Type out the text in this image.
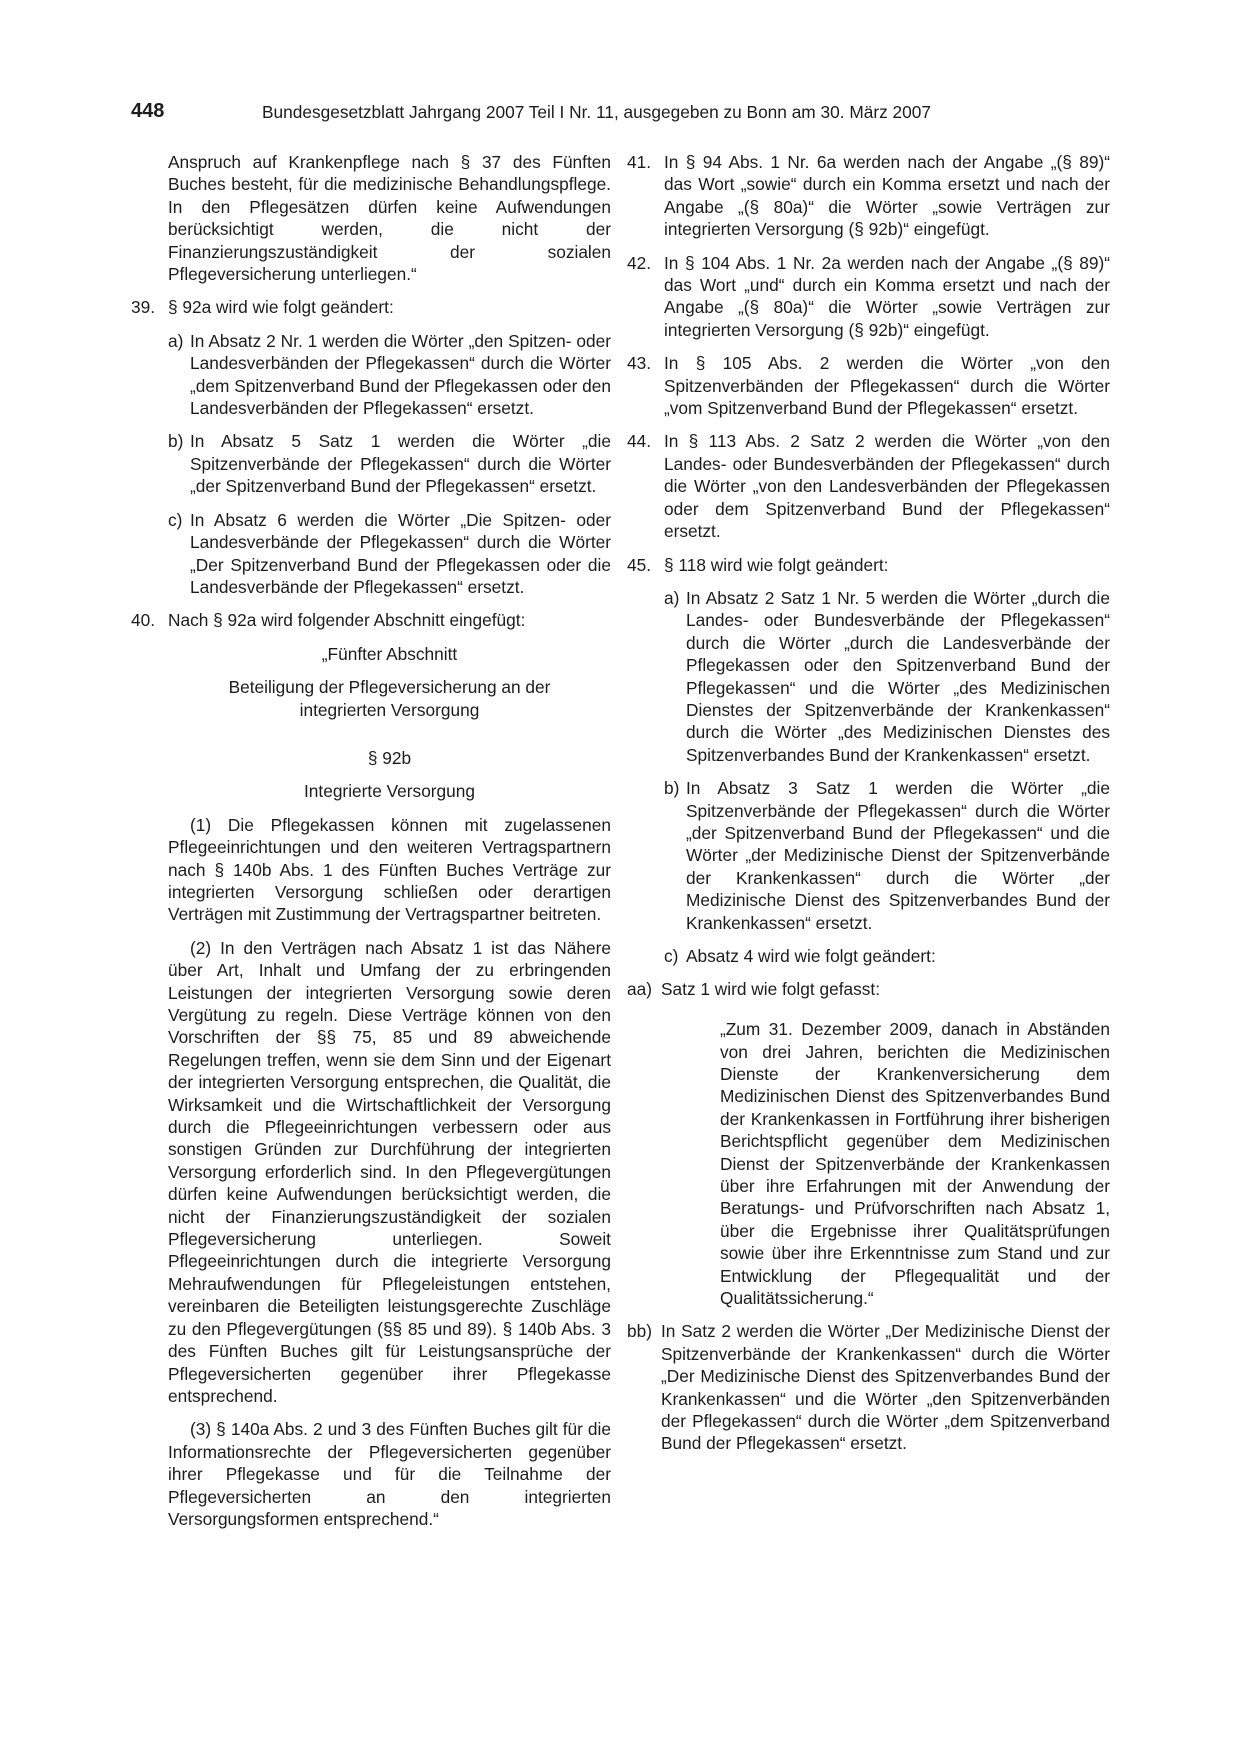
448	Bundesgesetzblatt Jahrgang 2007 Teil I Nr. 11, ausgegeben zu Bonn am 30. März 2007

Anspruch auf Krankenpflege nach § 37 des Fünften Buches besteht, für die medizinische Behandlungspflege. In den Pflegesätzen dürfen keine Aufwendungen berücksichtigt werden, die nicht der Finanzierungszuständigkeit der sozialen Pflegeversicherung unterliegen.“

39. § 92a wird wie folgt geändert:
a) In Absatz 2 Nr. 1 werden die Wörter „den Spitzen- oder Landesverbänden der Pflegekassen“ durch die Wörter „dem Spitzenverband Bund der Pflegekassen oder den Landesverbänden der Pflegekassen“ ersetzt.
b) In Absatz 5 Satz 1 werden die Wörter „die Spitzenverbände der Pflegekassen“ durch die Wörter „der Spitzenverband Bund der Pflegekassen“ ersetzt.
c) In Absatz 6 werden die Wörter „Die Spitzen- oder Landesverbände der Pflegekassen“ durch die Wörter „Der Spitzenverband Bund der Pflegekassen oder die Landesverbände der Pflegekassen“ ersetzt.
40. Nach § 92a wird folgender Abschnitt eingefügt:

„Fünfter Abschnitt

Beteiligung der Pflegeversicherung an der integrierten Versorgung

§ 92b

Integrierte Versorgung

(1) Die Pflegekassen können mit zugelassenen Pflegeeinrichtungen und den weiteren Vertragspartnern nach § 140b Abs. 1 des Fünften Buches Verträge zur integrierten Versorgung schließen oder derartigen Verträgen mit Zustimmung der Vertragspartner beitreten.

(2) In den Verträgen nach Absatz 1 ist das Nähere über Art, Inhalt und Umfang der zu erbringenden Leistungen der integrierten Versorgung sowie deren Vergütung zu regeln. Diese Verträge können von den Vorschriften der §§ 75, 85 und 89 abweichende Regelungen treffen, wenn sie dem Sinn und der Eigenart der integrierten Versorgung entsprechen, die Qualität, die Wirksamkeit und die Wirtschaftlichkeit der Versorgung durch die Pflegeeinrichtungen verbessern oder aus sonstigen Gründen zur Durchführung der integrierten Versorgung erforderlich sind. In den Pflegevergütungen dürfen keine Aufwendungen berücksichtigt werden, die nicht der Finanzierungszuständigkeit der sozialen Pflegeversicherung unterliegen. Soweit Pflegeeinrichtungen durch die integrierte Versorgung Mehraufwendungen für Pflegeleistungen entstehen, vereinbaren die Beteiligten leistungsgerechte Zuschläge zu den Pflegevergütungen (§§ 85 und 89). § 140b Abs. 3 des Fünften Buches gilt für Leistungsansprüche der Pflegeversicherten gegenüber ihrer Pflegekasse entsprechend.

(3) § 140a Abs. 2 und 3 des Fünften Buches gilt für die Informationsrechte der Pflegeversicherten gegenüber ihrer Pflegekasse und für die Teilnahme der Pflegeversicherten an den integrierten Versorgungsformen entsprechend.“

41. In § 94 Abs. 1 Nr. 6a werden nach der Angabe „(§ 89)“ das Wort „sowie“ durch ein Komma ersetzt und nach der Angabe „(§ 80a)“ die Wörter „sowie Verträgen zur integrierten Versorgung (§ 92b)“ eingefügt.
42. In § 104 Abs. 1 Nr. 2a werden nach der Angabe „(§ 89)“ das Wort „und“ durch ein Komma ersetzt und nach der Angabe „(§ 80a)“ die Wörter „sowie Verträgen zur integrierten Versorgung (§ 92b)“ eingefügt.
43. In § 105 Abs. 2 werden die Wörter „von den Spitzenverbänden der Pflegekassen“ durch die Wörter „vom Spitzenverband Bund der Pflegekassen“ ersetzt.
44. In § 113 Abs. 2 Satz 2 werden die Wörter „von den Landes- oder Bundesverbänden der Pflegekassen“ durch die Wörter „von den Landesverbänden der Pflegekassen oder dem Spitzenverband Bund der Pflegekassen“ ersetzt.
45. § 118 wird wie folgt geändert:
a) In Absatz 2 Satz 1 Nr. 5 werden die Wörter „durch die Landes- oder Bundesverbände der Pflegekassen“ durch die Wörter „durch die Landesverbände der Pflegekassen oder den Spitzenverband Bund der Pflegekassen“ und die Wörter „des Medizinischen Dienstes der Spitzenverbände der Krankenkassen“ durch die Wörter „des Medizinischen Dienstes des Spitzenverbandes Bund der Krankenkassen“ ersetzt.
b) In Absatz 3 Satz 1 werden die Wörter „die Spitzenverbände der Pflegekassen“ durch die Wörter „der Spitzenverband Bund der Pflegekassen“ und die Wörter „der Medizinische Dienst der Spitzenverbände der Krankenkassen“ durch die Wörter „der Medizinische Dienst des Spitzenverbandes Bund der Krankenkassen“ ersetzt.
c) Absatz 4 wird wie folgt geändert:
aa) Satz 1 wird wie folgt gefasst:

„Zum 31. Dezember 2009, danach in Abständen von drei Jahren, berichten die Medizinischen Dienste der Krankenversicherung dem Medizinischen Dienst des Spitzenverbandes Bund der Krankenkassen in Fortführung ihrer bisherigen Berichtspflicht gegenüber dem Medizinischen Dienst der Spitzenverbände der Krankenkassen über ihre Erfahrungen mit der Anwendung der Beratungs- und Prüfvorschriften nach Absatz 1, über die Ergebnisse ihrer Qualitätsprüfungen sowie über ihre Erkenntnisse zum Stand und zur Entwicklung der Pflegequalität und der Qualitätssicherung.“

bb) In Satz 2 werden die Wörter „Der Medizinische Dienst der Spitzenverbände der Krankenkassen“ durch die Wörter „Der Medizinische Dienst des Spitzenverbandes Bund der Krankenkassen“ und die Wörter „den Spitzenverbänden der Pflegekassen“ durch die Wörter „dem Spitzenverband Bund der Pflegekassen“ ersetzt.
